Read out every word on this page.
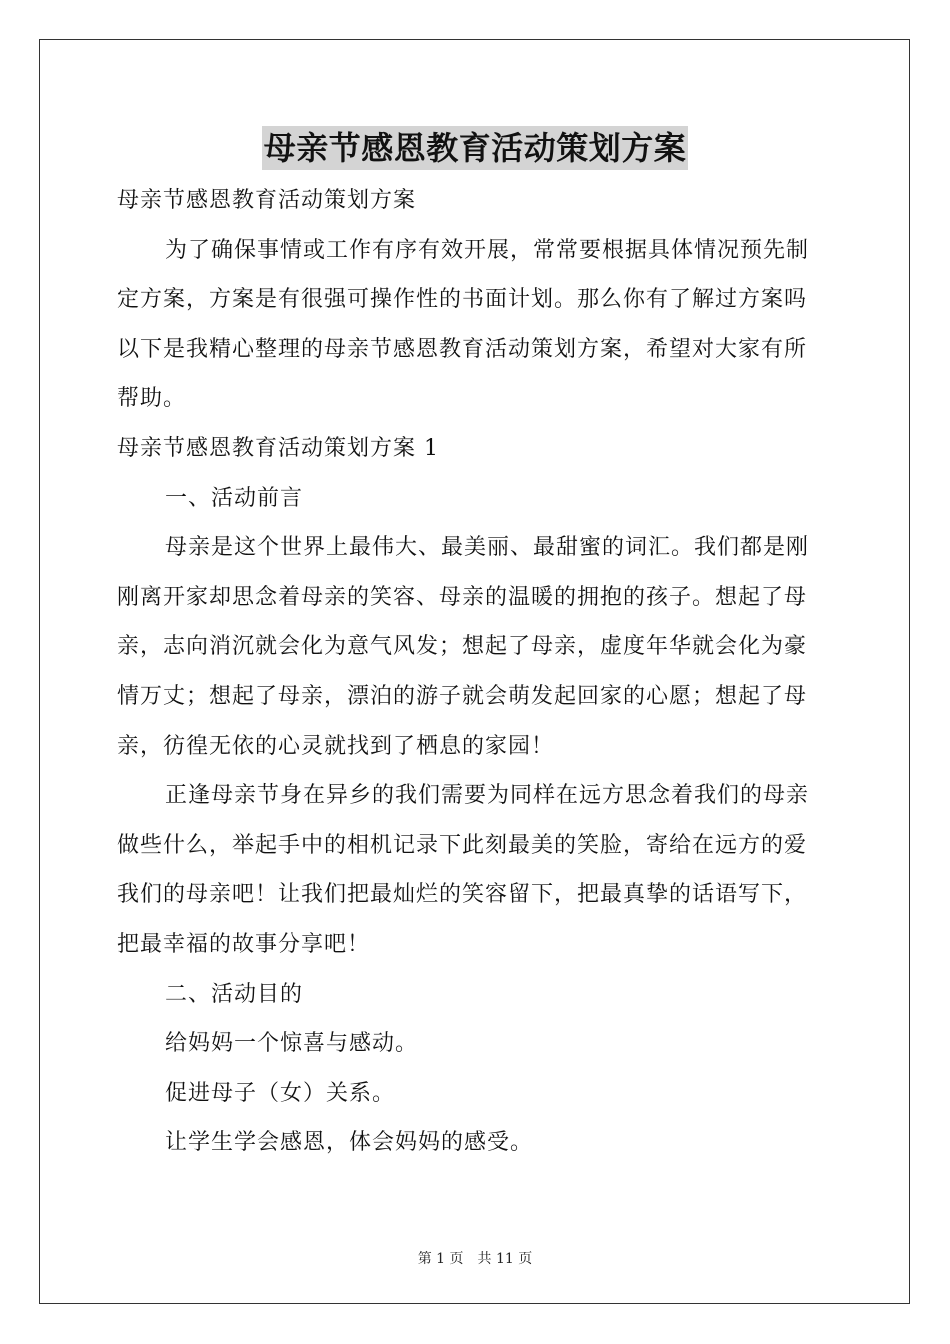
母亲节感恩教育活动策划方案

母亲节感恩教育活动策划方案

为了确保事情或工作有序有效开展，常常要根据具体情况预先制

定方案，方案是有很强可操作性的书面计划。那么你有了解过方案吗

以下是我精心整理的母亲节感恩教育活动策划方案，希望对大家有所

帮助。

母亲节感恩教育活动策划方案 1

一、活动前言

母亲是这个世界上最伟大、最美丽、最甜蜜的词汇。我们都是刚

刚离开家却思念着母亲的笑容、母亲的温暖的拥抱的孩子。想起了母

亲，志向消沉就会化为意气风发；想起了母亲，虚度年华就会化为豪

情万丈；想起了母亲，漂泊的游子就会萌发起回家的心愿；想起了母

亲，彷徨无依的心灵就找到了栖息的家园！

正逢母亲节身在异乡的我们需要为同样在远方思念着我们的母亲

做些什么，举起手中的相机记录下此刻最美的笑脸，寄给在远方的爱

我们的母亲吧！让我们把最灿烂的笑容留下，把最真挚的话语写下，

把最幸福的故事分享吧！

二、活动目的

给妈妈一个惊喜与感动。

促进母子（女）关系。

让学生学会感恩，体会妈妈的感受。

第 1 页　共 11 页
